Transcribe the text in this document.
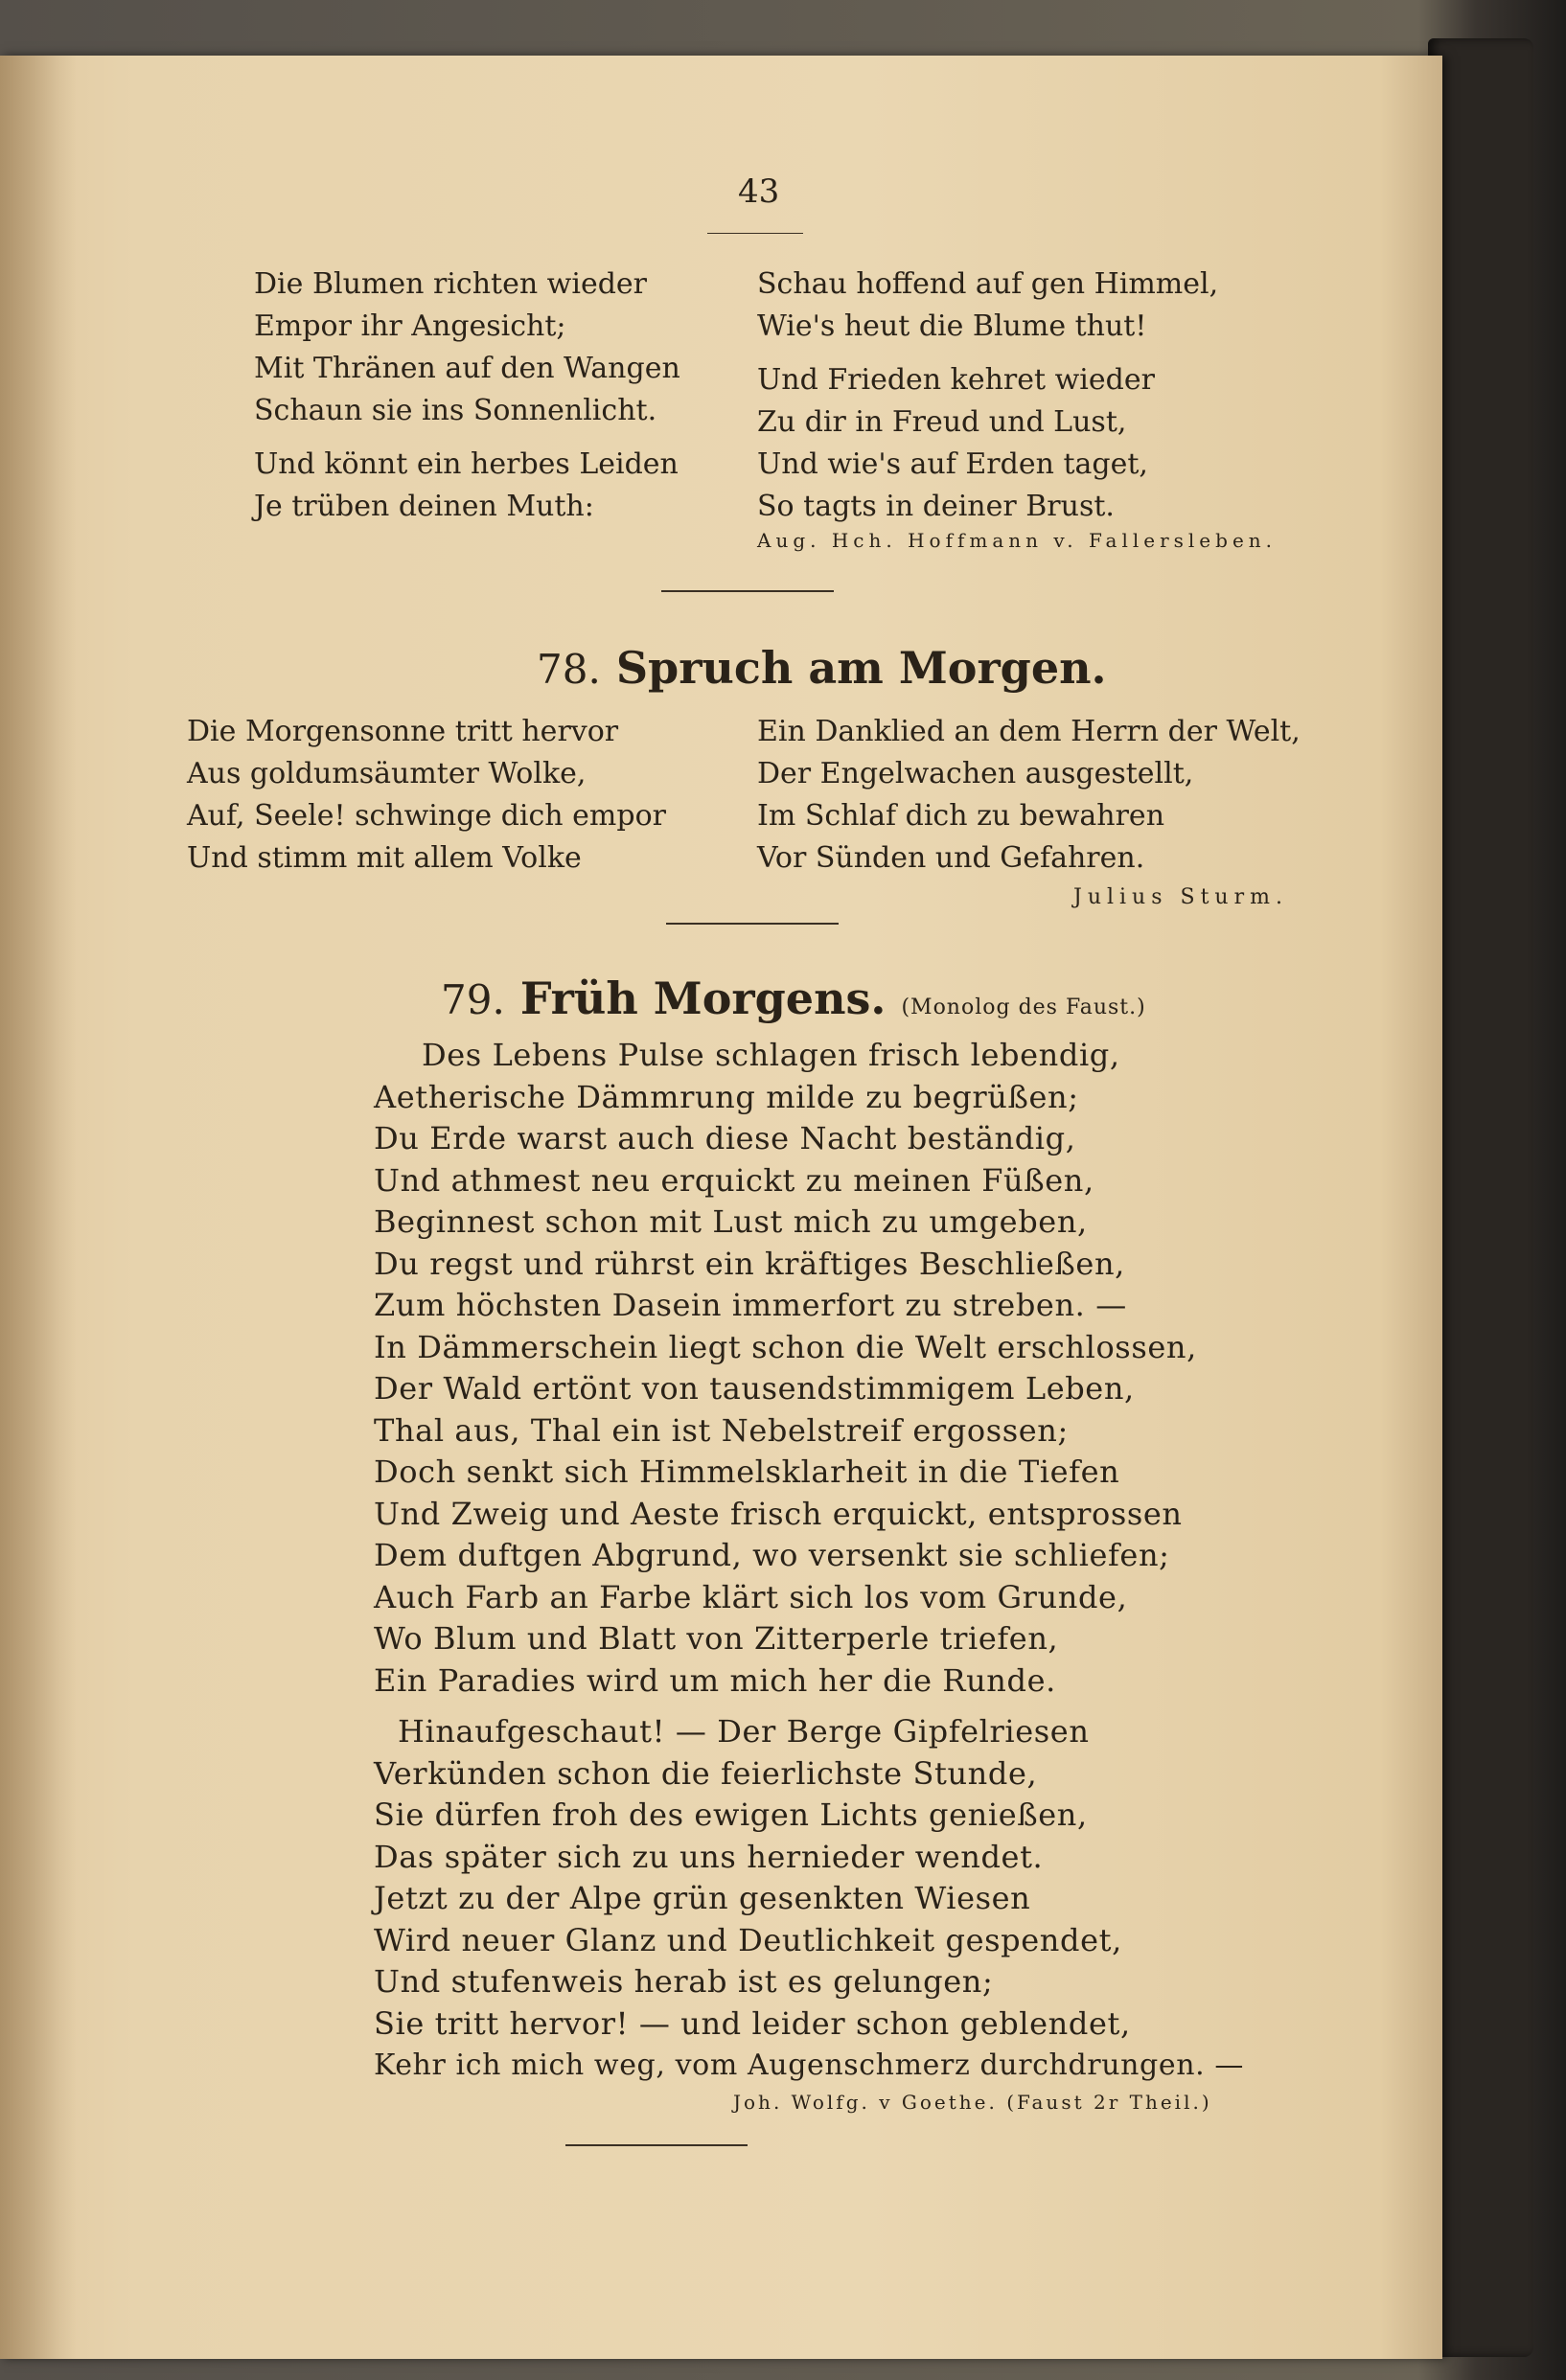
43
Die Blumen richten wieder
Empor ihr Angesicht;
Mit Thränen auf den Wangen
Schaun sie ins Sonnenlicht.
Und könnt ein herbes Leiden
Je trüben deinen Muth:
Schau hoffend auf gen Himmel,
Wie's heut die Blume thut!
Und Frieden kehret wieder
Zu dir in Freud und Lust,
Und wie's auf Erden taget,
So tagts in deiner Brust.
Aug. Hch. Hoffmann v. Fallersleben.
78. Spruch am Morgen.
Die Morgensonne tritt hervor
Aus goldumsäumter Wolke,
Auf, Seele! schwinge dich empor
Und stimm mit allem Volke
Ein Danklied an dem Herrn der Welt,
Der Engelwachen ausgestellt,
Im Schlaf dich zu bewahren
Vor Sünden und Gefahren.
Julius Sturm.
79. Früh Morgens. (Monolog des Faust.)
Des Lebens Pulse schlagen frisch lebendig,
Aetherische Dämmrung milde zu begrüßen;
Du Erde warst auch diese Nacht beständig,
Und athmest neu erquickt zu meinen Füßen,
Beginnest schon mit Lust mich zu umgeben,
Du regst und rührst ein kräftiges Beschließen,
Zum höchsten Dasein immerfort zu streben. —
In Dämmerschein liegt schon die Welt erschlossen,
Der Wald ertönt von tausendstimmigem Leben,
Thal aus, Thal ein ist Nebelstreif ergossen;
Doch senkt sich Himmelsklarheit in die Tiefen
Und Zweig und Aeste frisch erquickt, entsprossen
Dem duftgen Abgrund, wo versenkt sie schliefen;
Auch Farb an Farbe klärt sich los vom Grunde,
Wo Blum und Blatt von Zitterperle triefen,
Ein Paradies wird um mich her die Runde.
Hinaufgeschaut! — Der Berge Gipfelriesen
Verkünden schon die feierlichste Stunde,
Sie dürfen froh des ewigen Lichts genießen,
Das später sich zu uns hernieder wendet.
Jetzt zu der Alpe grün gesenkten Wiesen
Wird neuer Glanz und Deutlichkeit gespendet,
Und stufenweis herab ist es gelungen;
Sie tritt hervor! — und leider schon geblendet,
Kehr ich mich weg, vom Augenschmerz durchdrungen. —
Joh. Wolfg. v Goethe. (Faust 2r Theil.)
